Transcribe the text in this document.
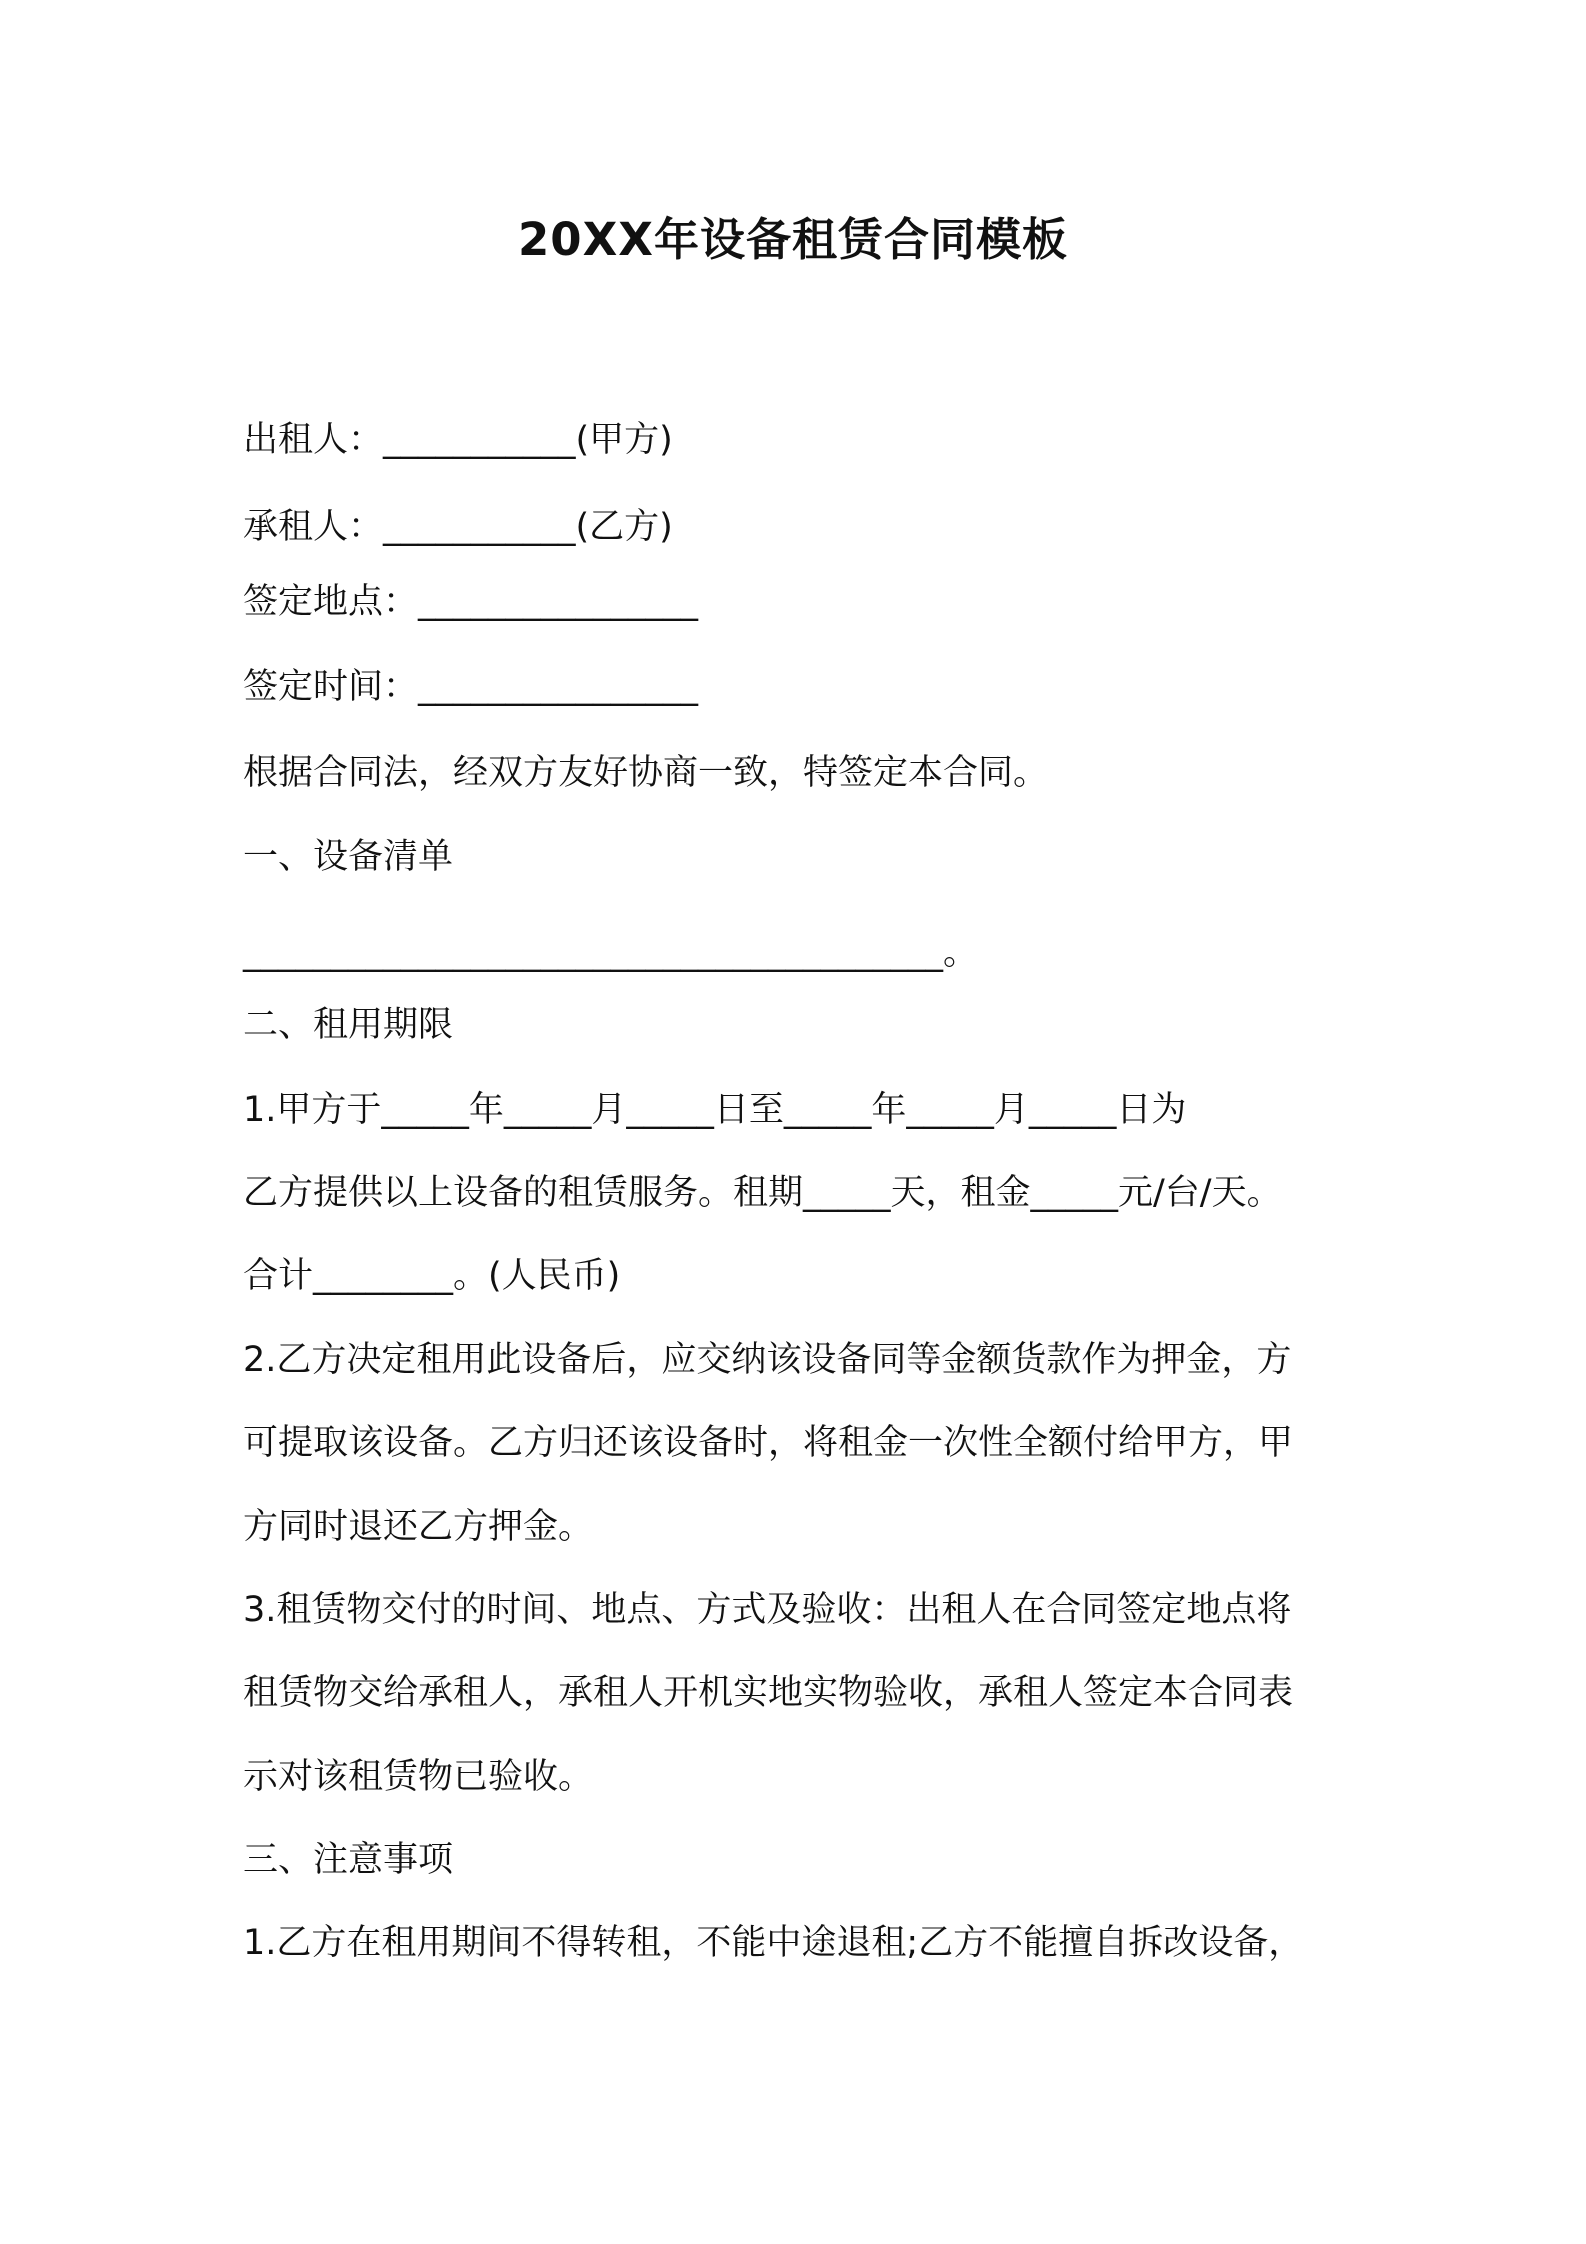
20XX年设备租赁合同模板
出租人：___________(甲方)
承租人：___________(乙方)
签定地点：________________
签定时间：________________
根据合同法，经双方友好协商一致，特签定本合同。
一、设备清单
________________________________________。
二、租用期限
1.甲方于_____年_____月_____日至_____年_____月_____日为
乙方提供以上设备的租赁服务。租期_____天，租金_____元/台/天。
合计________。(人民币)
2.乙方决定租用此设备后，应交纳该设备同等金额货款作为押金，方
可提取该设备。乙方归还该设备时，将租金一次性全额付给甲方，甲
方同时退还乙方押金。
3.租赁物交付的时间、地点、方式及验收：出租人在合同签定地点将
租赁物交给承租人，承租人开机实地实物验收，承租人签定本合同表
示对该租赁物已验收。
三、注意事项
1.乙方在租用期间不得转租，不能中途退租;乙方不能擅自拆改设备，
